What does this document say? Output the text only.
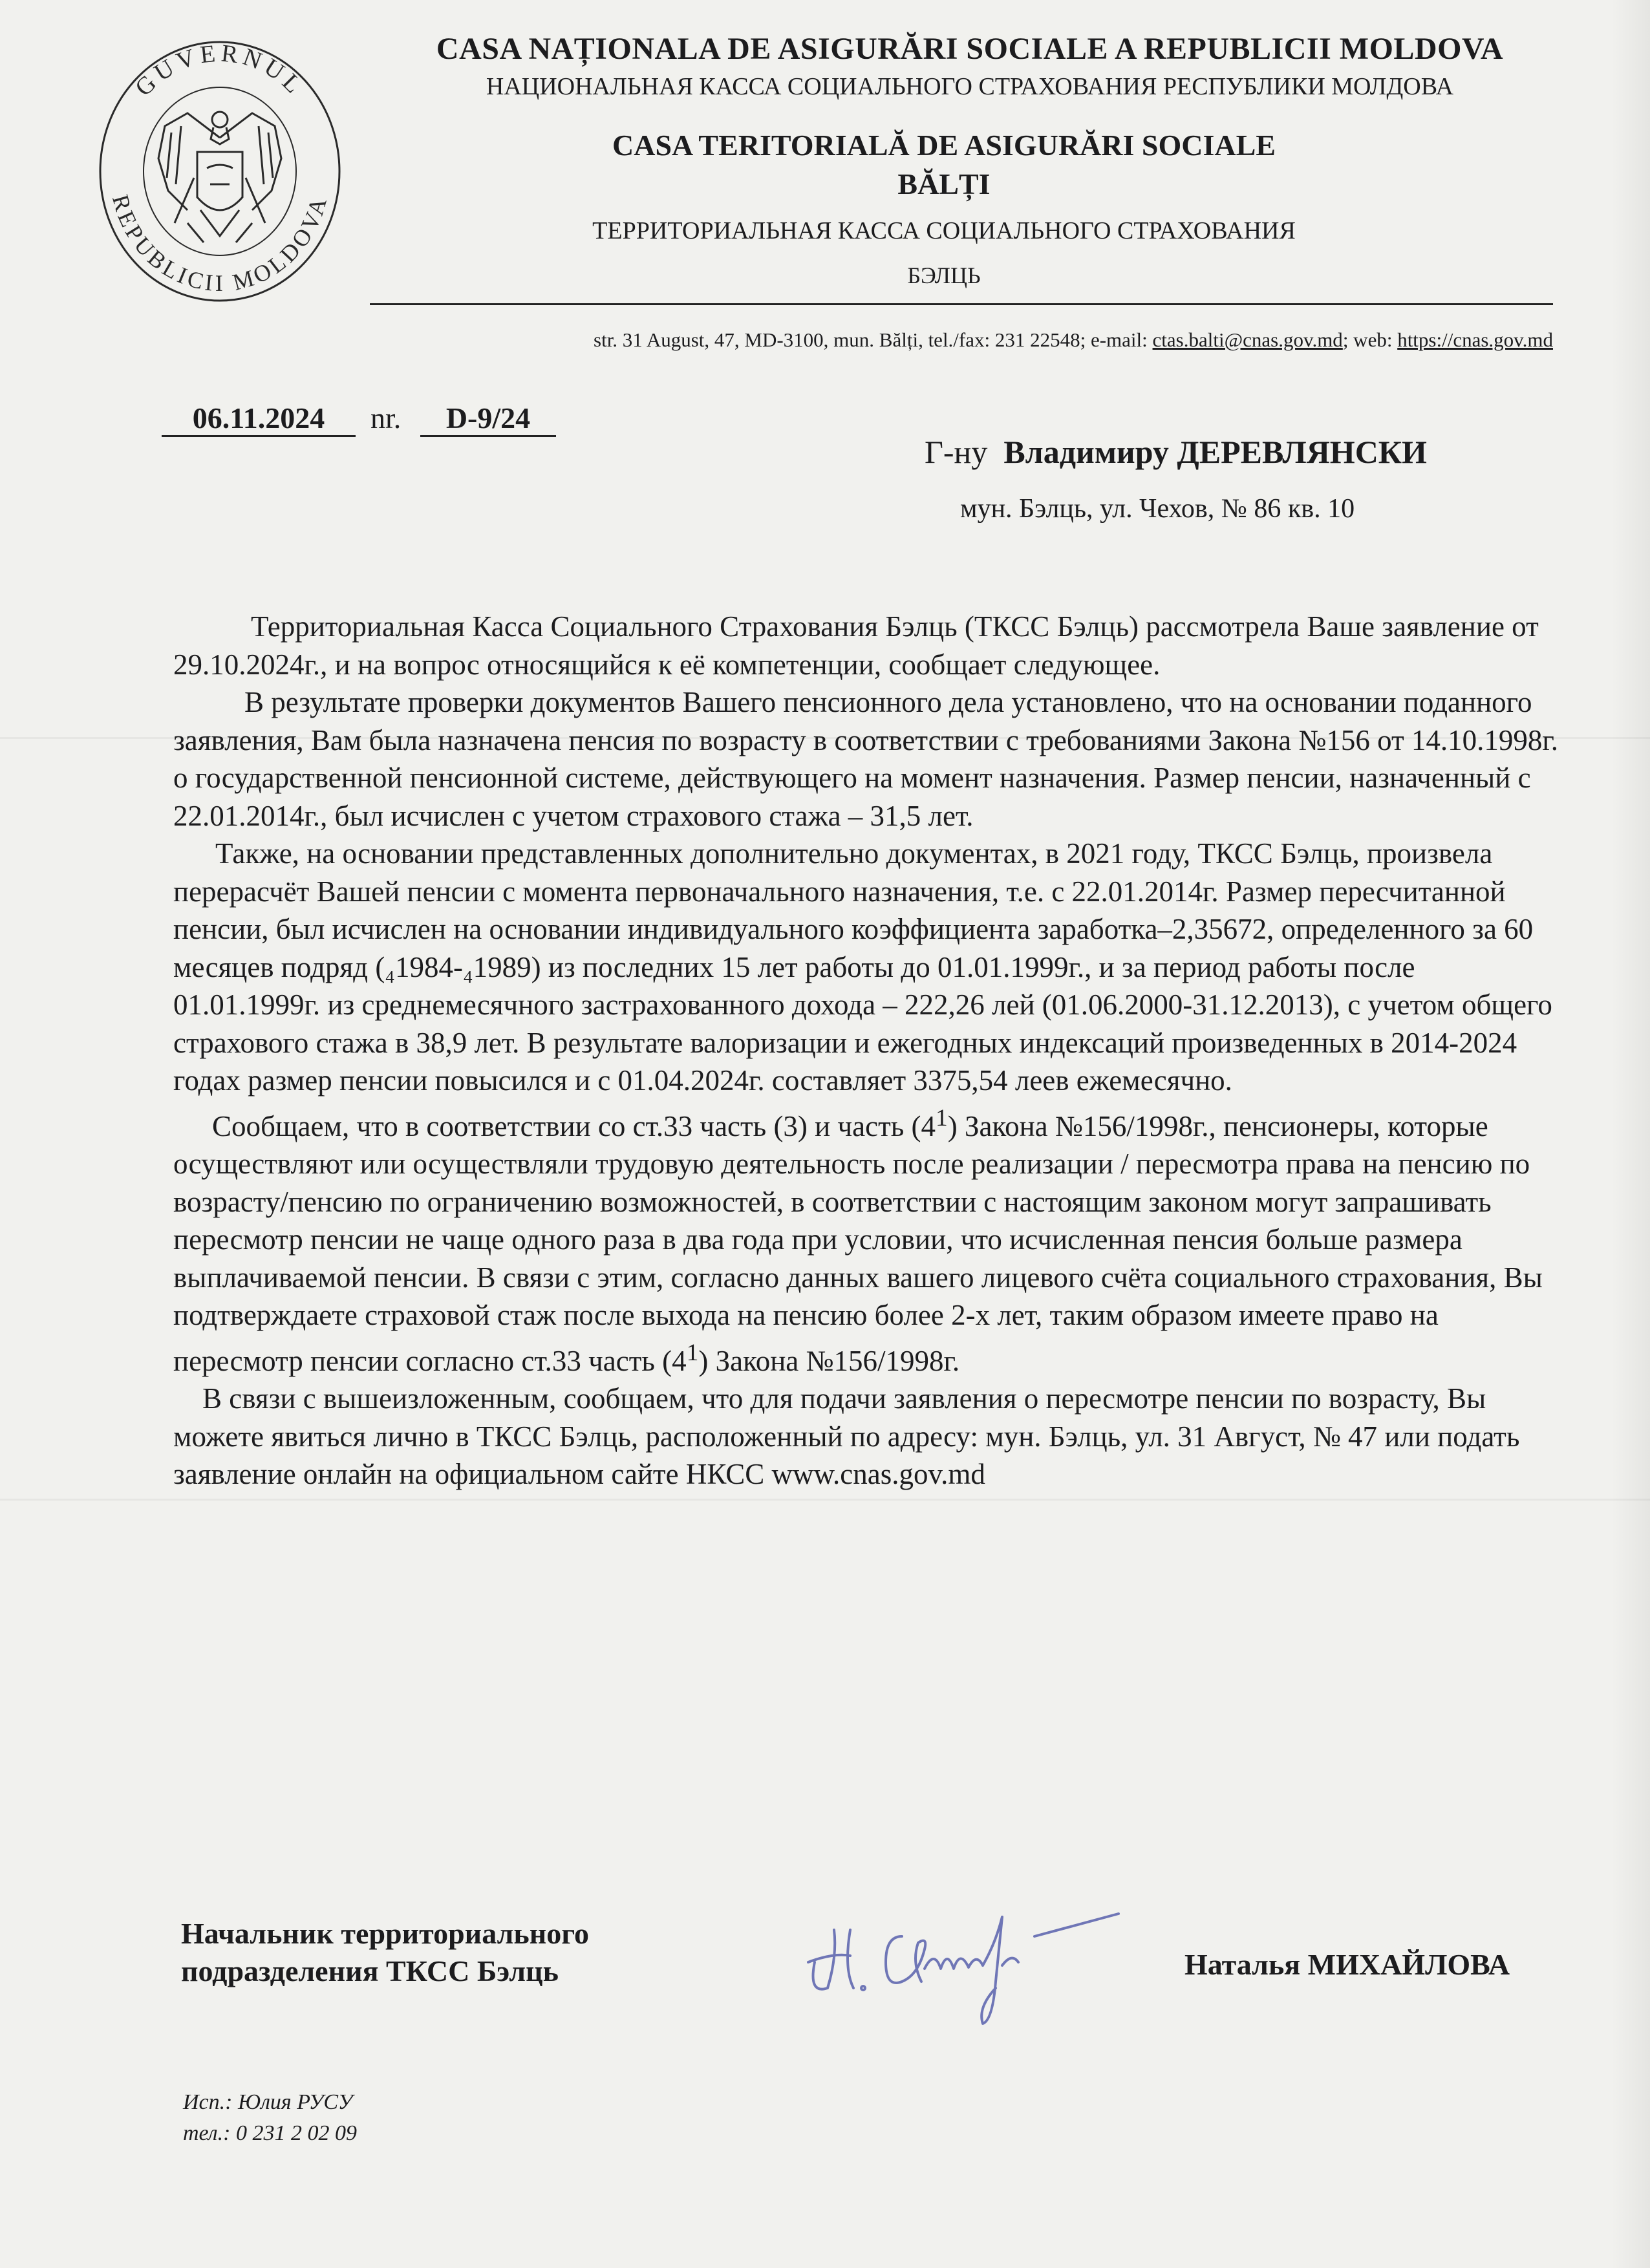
GUVERNUL
REPUBLICII MOLDOVA
CASA NAȚIONALA DE ASIGURĂRI SOCIALE A REPUBLICII MOLDOVA
НАЦИОНАЛЬНАЯ КАССА СОЦИАЛЬНОГО СТРАХОВАНИЯ РЕСПУБЛИКИ МОЛДОВА
CASA TERITORIALĂ DE ASIGURĂRI SOCIALE
BĂLȚI
ТЕРРИТОРИАЛЬНАЯ КАССА СОЦИАЛЬНОГО СТРАХОВАНИЯ
БЭЛЦЬ
str. 31 August, 47, MD-3100, mun. Bălți, tel./fax: 231 22548; e-mail: ctas.balti@cnas.gov.md; web: https://cnas.gov.md
06.11.2024	nr.	D-9/24
Г-ну Владимиру ДЕРЕВЛЯНСКИ
мун. Бэлць, ул. Чехов, № 86 кв. 10

Территориальная Касса Социального Страхования Бэлць (ТКСС Бэлць) рассмотрела Ваше заявление от 29.10.2024г., и на вопрос относящийся к её компетенции, сообщает следующее.

В результате проверки документов Вашего пенсионного дела установлено, что на основании поданного заявления, Вам была назначена пенсия по возрасту в соответствии с требованиями Закона №156 от 14.10.1998г. о государственной пенсионной системе, действующего на момент назначения. Размер пенсии, назначенный с 22.01.2014г., был исчислен с учетом страхового стажа – 31,5 лет.

Также, на основании представленных дополнительно документах, в 2021 году, ТКСС Бэлць, произвела перерасчёт Вашей пенсии с момента первоначального назначения, т.е. с 22.01.2014г. Размер пересчитанной пенсии, был исчислен на основании индивидуального коэффициента заработка–2,35672, определенного за 60 месяцев подряд (₄1984-₄1989) из последних 15 лет работы до 01.01.1999г., и за период работы после 01.01.1999г. из среднемесячного застрахованного дохода – 222,26 лей (01.06.2000-31.12.2013), с учетом общего страхового стажа в 38,9 лет. В результате валоризации и ежегодных индексаций произведенных в 2014-2024 годах размер пенсии повысился и с 01.04.2024г. составляет 3375,54 леев ежемесячно.

Сообщаем, что в соответствии со ст.33 часть (3) и часть $(4^1)$ Закона №156/1998г., пенсионеры, которые осуществляют или осуществляли трудовую деятельность после реализации / пересмотра права на пенсию по возрасту/пенсию по ограничению возможностей, в соответствии с настоящим законом могут запрашивать пересмотр пенсии не чаще одного раза в два года при условии, что исчисленная пенсия больше размера выплачиваемой пенсии. В связи с этим, согласно данных вашего лицевого счёта социального страхования, Вы подтверждаете страховой стаж после выхода на пенсию более 2-х лет, таким образом имеете право на пересмотр пенсии согласно ст.33 часть $(4^1)$ Закона №156/1998г.

В связи с вышеизложенным, сообщаем, что для подачи заявления о пересмотре пенсии по возрасту, Вы можете явиться лично в ТКСС Бэлць, расположенный по адресу: мун. Бэлць, ул. 31 Август, № 47 или подать заявление онлайн на официальном сайте НКСС www.cnas.gov.md

Начальник территориального

подразделения ТКСС Бэлць	Наталья МИХАЙЛОВА

Исп.: Юлия РУСУ

тел.: 0 231 2 02 09
